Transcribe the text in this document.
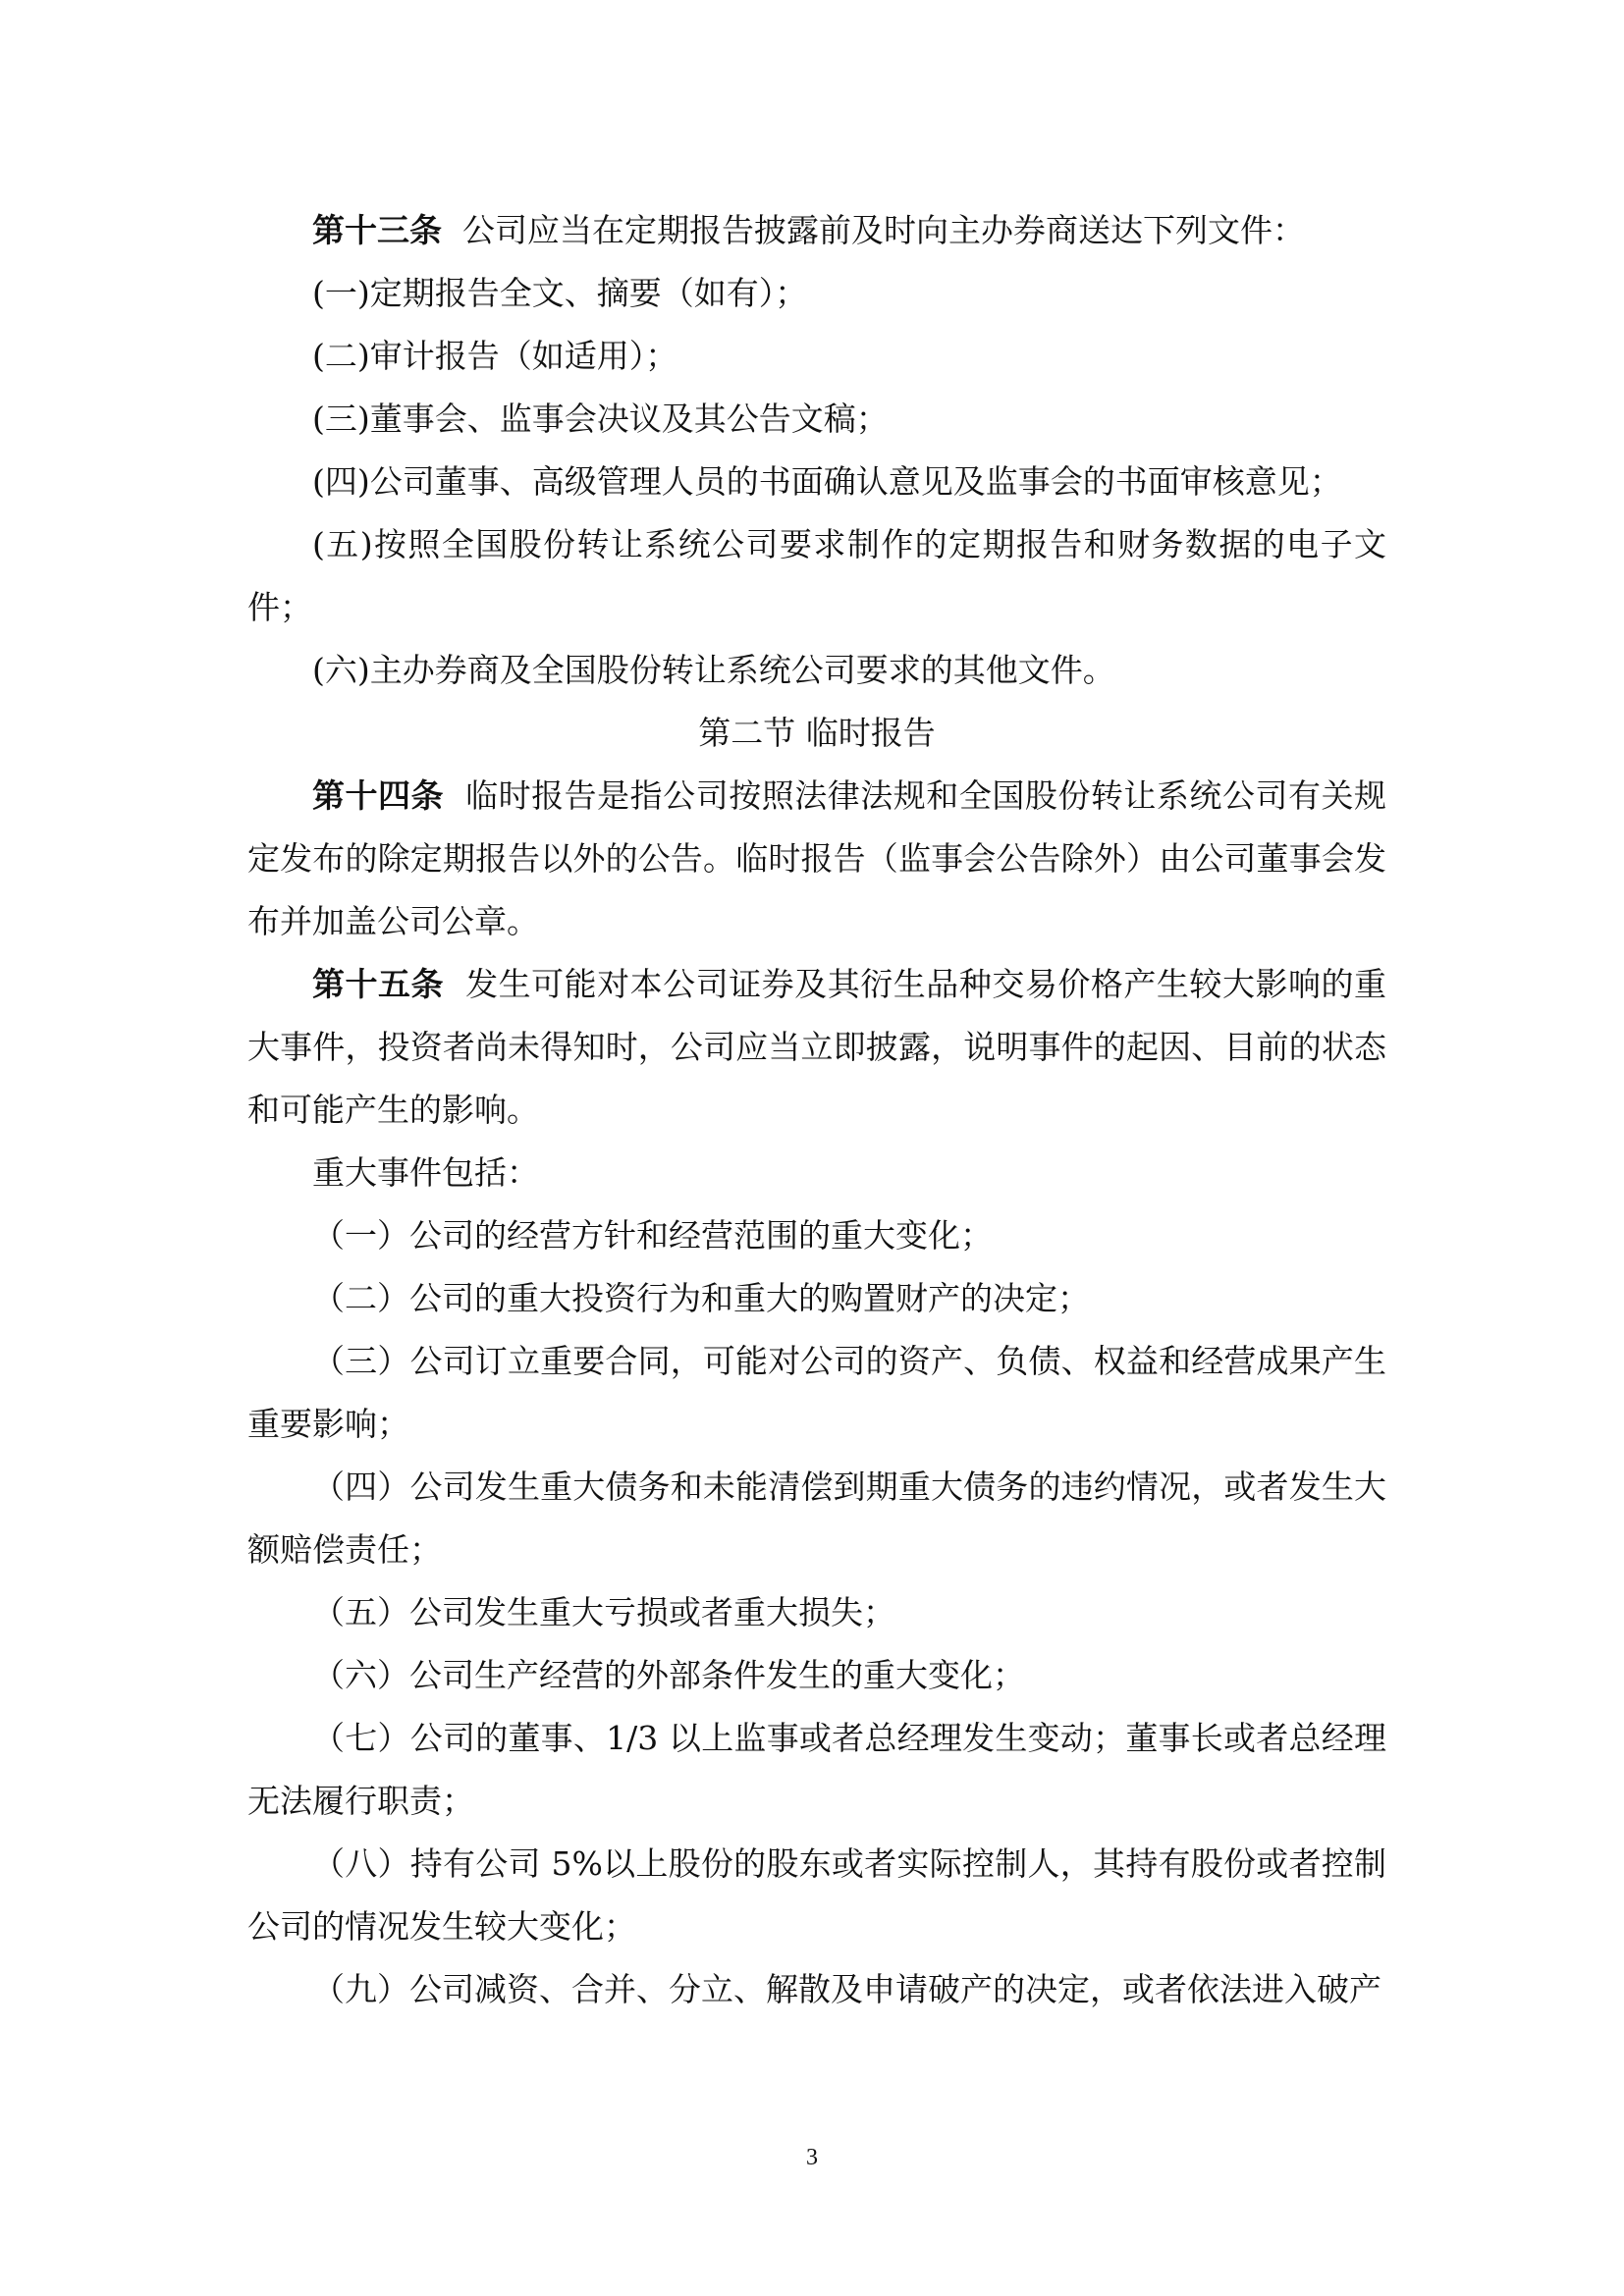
第十三条 公司应当在定期报告披露前及时向主办券商送达下列文件：

(一)定期报告全文、摘要（如有）；

(二)审计报告（如适用）；

(三)董事会、监事会决议及其公告文稿；

(四)公司董事、高级管理人员的书面确认意见及监事会的书面审核意见；

(五)按照全国股份转让系统公司要求制作的定期报告和财务数据的电子文件；

(六)主办券商及全国股份转让系统公司要求的其他文件。

第二节 临时报告

第十四条 临时报告是指公司按照法律法规和全国股份转让系统公司有关规定发布的除定期报告以外的公告。临时报告（监事会公告除外）由公司董事会发布并加盖公司公章。

第十五条 发生可能对本公司证券及其衍生品种交易价格产生较大影响的重大事件，投资者尚未得知时，公司应当立即披露，说明事件的起因、目前的状态和可能产生的影响。

重大事件包括：

（一）公司的经营方针和经营范围的重大变化；

（二）公司的重大投资行为和重大的购置财产的决定；

（三）公司订立重要合同，可能对公司的资产、负债、权益和经营成果产生重要影响；

（四）公司发生重大债务和未能清偿到期重大债务的违约情况，或者发生大额赔偿责任；

（五）公司发生重大亏损或者重大损失；

（六）公司生产经营的外部条件发生的重大变化；

（七）公司的董事、1/3 以上监事或者总经理发生变动；董事长或者总经理无法履行职责；

（八）持有公司 5%以上股份的股东或者实际控制人，其持有股份或者控制公司的情况发生较大变化；

（九）公司减资、合并、分立、解散及申请破产的决定，或者依法进入破产

3
